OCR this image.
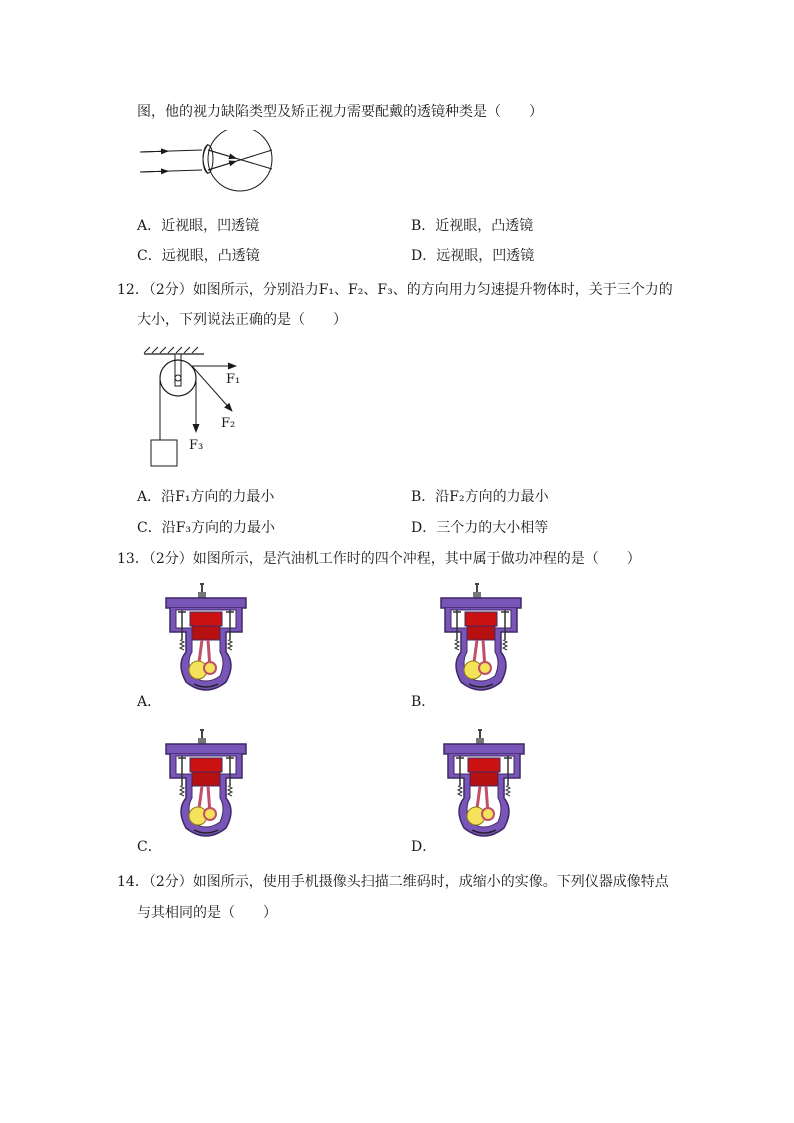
图，他的视力缺陷类型及矫正视力需要配戴的透镜种类是（　　）
A．近视眼，凹透镜	B．近视眼，凸透镜
C．远视眼，凸透镜	D．远视眼，凹透镜
12．（2分）如图所示，分别沿力F₁、F₂、F₃、的方向用力匀速提升物体时，关于三个力的
大小，下列说法正确的是（　　）
F₁
F₂
F₃
A．沿F₁方向的力最小	B．沿F₂方向的力最小
C．沿F₃方向的力最小	D．三个力的大小相等
13．（2分）如图所示，是汽油机工作时的四个冲程，其中属于做功冲程的是（　　）
A．	B．
C．	D．
14．（2分）如图所示，使用手机摄像头扫描二维码时，成缩小的实像。下列仪器成像特点
与其相同的是（　　）
